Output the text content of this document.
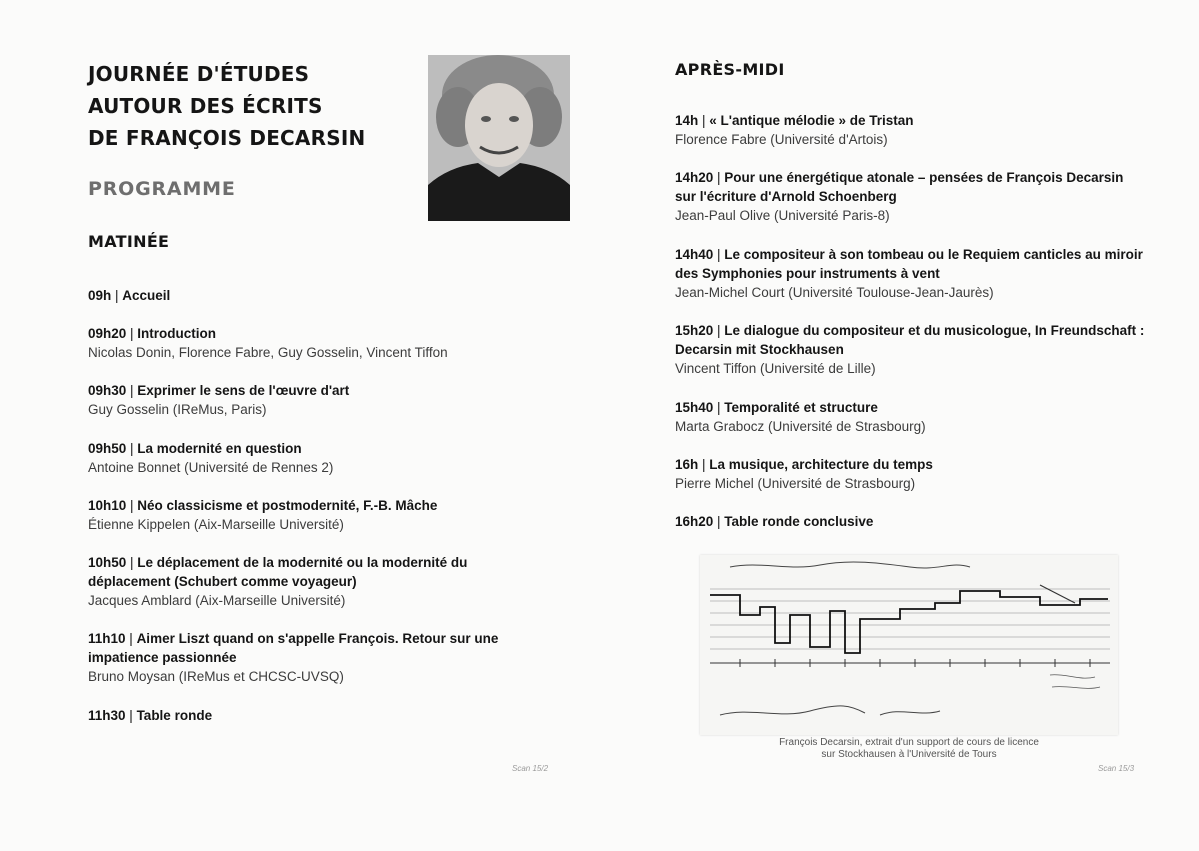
JOURNÉE D'ÉTUDES
AUTOUR DES ÉCRITS
DE FRANÇOIS DECARSIN
PROGRAMME
MATINÉE
09h | Accueil
09h20 | Introduction
Nicolas Donin, Florence Fabre, Guy Gosselin, Vincent Tiffon
09h30 | Exprimer le sens de l'œuvre d'art
Guy Gosselin (IReMus, Paris)
09h50 | La modernité en question
Antoine Bonnet (Université de Rennes 2)
10h10 | Néo classicisme et postmodernité, F.-B. Mâche
Étienne Kippelen (Aix-Marseille Université)
10h50 | Le déplacement de la modernité ou la modernité du déplacement (Schubert comme voyageur)
Jacques Amblard (Aix-Marseille Université)
11h10 | Aimer Liszt quand on s'appelle François. Retour sur une impatience passionnée
Bruno Moysan (IReMus et CHCSC-UVSQ)
11h30 | Table ronde
Scan 15/2
APRÈS-MIDI
14h | « L'antique mélodie » de Tristan
Florence Fabre (Université d'Artois)
14h20 | Pour une énergétique atonale – pensées de François Decarsin sur l'écriture d'Arnold Schoenberg
Jean-Paul Olive (Université Paris-8)
14h40 | Le compositeur à son tombeau ou le Requiem canticles au miroir des Symphonies pour instruments à vent
Jean-Michel Court (Université Toulouse-Jean-Jaurès)
15h20 | Le dialogue du compositeur et du musicologue, In Freundschaft : Decarsin mit Stockhausen
Vincent Tiffon (Université de Lille)
15h40 | Temporalité et structure
Marta Grabocz (Université de Strasbourg)
16h | La musique, architecture du temps
Pierre Michel (Université de Strasbourg)
16h20 | Table ronde conclusive
François Decarsin, extrait d'un support de cours de licence
sur Stockhausen à l'Université de Tours
Scan 15/3
